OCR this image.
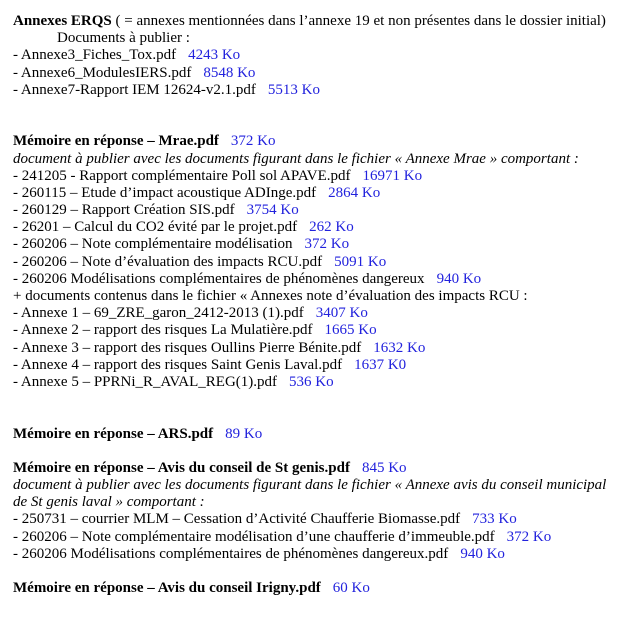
Annexes ERQS ( = annexes mentionnées dans l’annexe 19 et non présentes dans le dossier initial)
Documents à publier :
- Annexe3_Fiches_Tox.pdf 4243 Ko
- Annexe6_ModulesIERS.pdf 8548 Ko
- Annexe7-Rapport IEM 12624-v2.1.pdf 5513 Ko
Mémoire en réponse – Mrae.pdf 372 Ko
document à publier avec les documents figurant dans le fichier « Annexe Mrae » comportant :
- 241205 - Rapport complémentaire Poll sol APAVE.pdf 16971 Ko
- 260115 – Etude d’impact acoustique ADInge.pdf 2864 Ko
- 260129 – Rapport Création SIS.pdf 3754 Ko
- 26201 – Calcul du CO2 évité par le projet.pdf 262 Ko
- 260206 – Note complémentaire modélisation 372 Ko
- 260206 – Note d’évaluation des impacts RCU.pdf 5091 Ko
- 260206 Modélisations complémentaires de phénomènes dangereux 940 Ko
+ documents contenus dans le fichier « Annexes note d’évaluation des impacts RCU :
- Annexe 1 – 69_ZRE_garon_2412-2013 (1).pdf 3407 Ko
- Annexe 2 – rapport des risques La Mulatière.pdf 1665 Ko
- Annexe 3 – rapport des risques Oullins Pierre Bénite.pdf 1632 Ko
- Annexe 4 – rapport des risques Saint Genis Laval.pdf 1637 K0
- Annexe 5 – PPRNi_R_AVAL_REG(1).pdf 536 Ko
Mémoire en réponse – ARS.pdf 89 Ko
Mémoire en réponse – Avis du conseil de St genis.pdf 845 Ko
document à publier avec les documents figurant dans le fichier « Annexe avis du conseil municipal
de St genis laval » comportant :
- 250731 – courrier MLM – Cessation d’Activité Chaufferie Biomasse.pdf 733 Ko
- 260206 – Note complémentaire modélisation d’une chaufferie d’immeuble.pdf 372 Ko
- 260206 Modélisations complémentaires de phénomènes dangereux.pdf 940 Ko
Mémoire en réponse – Avis du conseil Irigny.pdf 60 Ko
